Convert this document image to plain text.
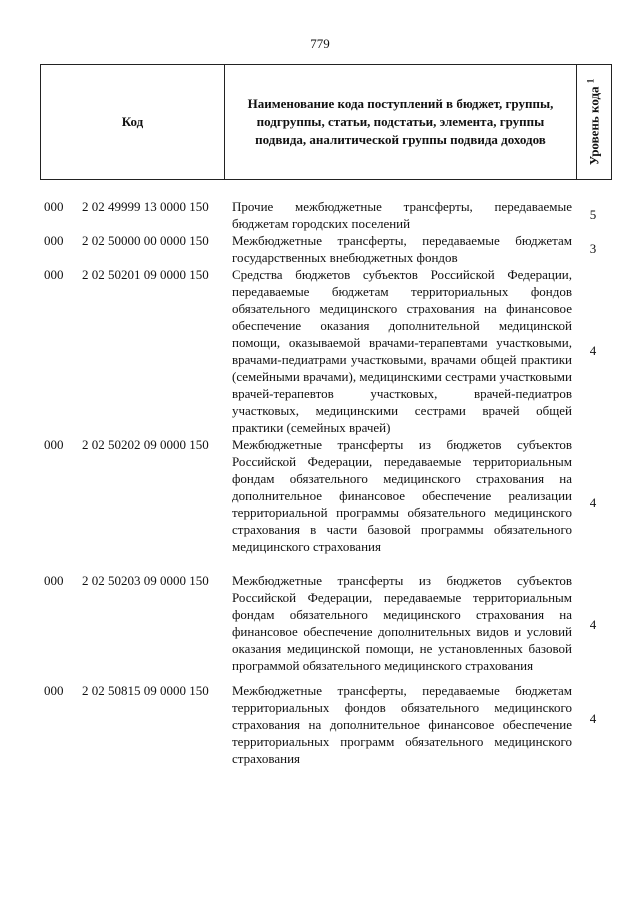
779
Код
Наименование кода поступлений в бюджет, группы, подгруппы, статьи, подстатьи, элемента, группы подвида, аналитической группы подвида доходов	Уровень кода $^1$
000 2 02 49999 13 0000 150 Прочие межбюджетные трансферты, передаваемые бюджетам городских поселений
5
000 2 02 50000 00 0000 150 Межбюджетные трансферты, передаваемые бюджетам государственных внебюджетных фондов
3
000 2 02 50201 09 0000 150 Средства бюджетов субъектов Российской Федерации, передаваемые бюджетам территориальных фондов обязательного медицинского страхования на финансовое обеспечение оказания дополнительной медицинской помощи, оказываемой врачами-терапевтами участковыми, врачами-педиатрами участковыми, врачами общей практики (семейными врачами), медицинскими сестрами участковыми врачей-терапевтов участковых, врачей-педиатров участковых, медицинскими сестрами врачей общей практики (семейных врачей)
4
000 2 02 50202 09 0000 150 Межбюджетные трансферты из бюджетов субъектов Российской Федерации, передаваемые территориальным фондам обязательного медицинского страхования на дополнительное финансовое обеспечение реализации территориальной программы обязательного медицинского страхования в части базовой программы обязательного медицинского страхования
4
000 2 02 50203 09 0000 150 Межбюджетные трансферты из бюджетов субъектов Российской Федерации, передаваемые территориальным фондам обязательного медицинского страхования на финансовое обеспечение дополнительных видов и условий оказания медицинской помощи, не установленных базовой программой обязательного медицинского страхования
4
000 2 02 50815 09 0000 150 Межбюджетные трансферты, передаваемые бюджетам территориальных фондов обязательного медицинского страхования на дополнительное финансовое обеспечение территориальных программ обязательного медицинского страхования
4
